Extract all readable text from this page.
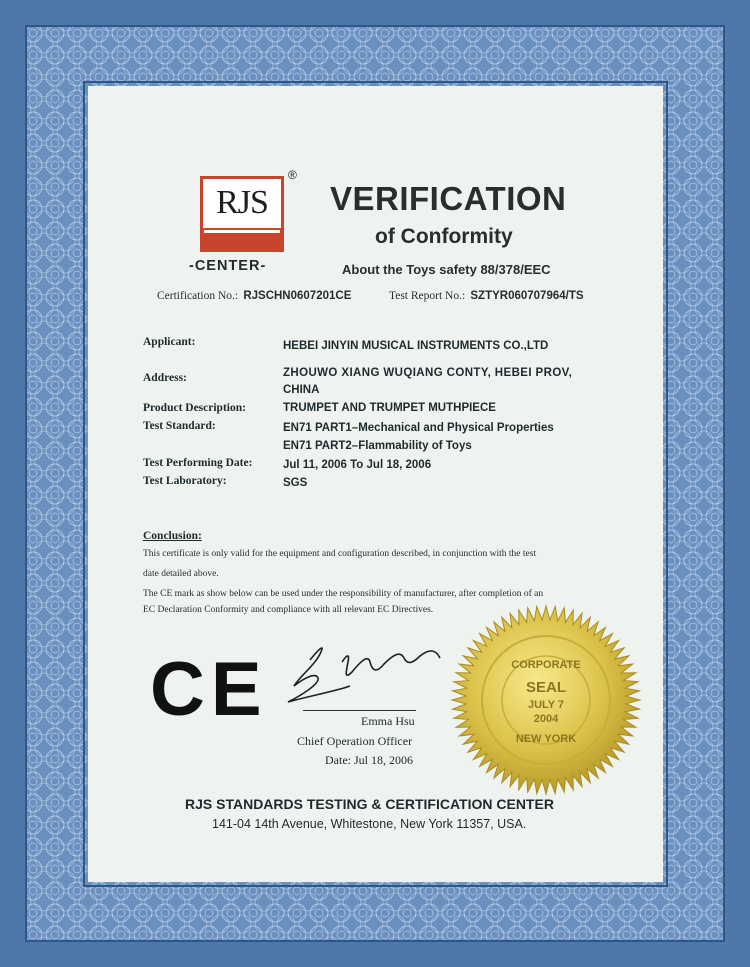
RJS
®
-CENTER-
VERIFICATION
of Conformity
About the Toys safety 88/378/EEC
Certification No.: RJSCHN0607201CE	Test Report No.: SZTYR060707964/TS
Applicant:	HEBEI JINYIN MUSICAL INSTRUMENTS CO.,LTD
Address:	ZHOUWO XIANG WUQIANG CONTY, HEBEI PROV,
CHINA
Product Description:	TRUMPET AND TRUMPET MUTHPIECE
Test Standard:	EN71 PART1–Mechanical and Physical Properties
EN71 PART2–Flammability of Toys
Test Performing Date:	Jul 11, 2006 To Jul 18, 2006
Test Laboratory:	SGS
Conclusion:
This certificate is only valid for the equipment and configuration described, in conjunction with the test
date detailed above.
The CE mark as show below can be used under the responsibility of manufacturer, after completion of an
EC Declaration Conformity and compliance with all relevant EC Directives.
CE	Emma Hsu
Chief Operation Officer
Date: Jul 18, 2006
CORPORATE
SEAL
JULY 7
2004
NEW YORK
RJS STANDARDS TESTING & CERTIFICATION CENTER
141-04 14th Avenue, Whitestone, New York 11357, USA.
